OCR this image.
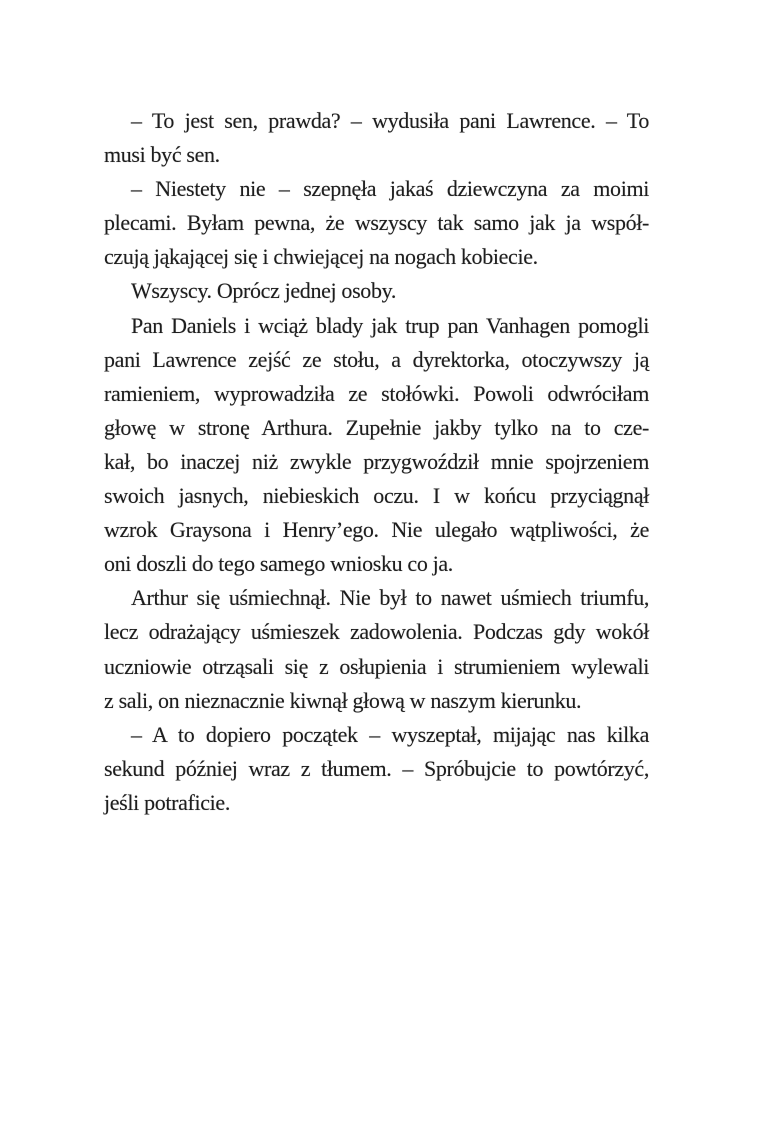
– To jest sen, prawda? – wydusiła pani Lawrence. – To
musi być sen.

– Niestety nie – szepnęła jakaś dziewczyna za moimi
plecami. Byłam pewna, że wszyscy tak samo jak ja współ-
czują jąkającej się i chwiejącej na nogach kobiecie.

Wszyscy. Oprócz jednej osoby.

Pan Daniels i wciąż blady jak trup pan Vanhagen pomogli
pani Lawrence zejść ze stołu, a dyrektorka, otoczywszy ją
ramieniem, wyprowadziła ze stołówki. Powoli odwróciłam
głowę w stronę Arthura. Zupełnie jakby tylko na to cze-
kał, bo inaczej niż zwykle przygwoździł mnie spojrzeniem
swoich jasnych, niebieskich oczu. I w końcu przyciągnął
wzrok Graysona i Henry’ego. Nie ulegało wątpliwości, że
oni doszli do tego samego wniosku co ja.

Arthur się uśmiechnął. Nie był to nawet uśmiech triumfu,
lecz odrażający uśmieszek zadowolenia. Podczas gdy wokół
uczniowie otrząsali się z osłupienia i strumieniem wylewali
z sali, on nieznacznie kiwnął głową w naszym kierunku.

– A to dopiero początek – wyszeptał, mijając nas kilka
sekund później wraz z tłumem. – Spróbujcie to powtórzyć,
jeśli potraficie.
